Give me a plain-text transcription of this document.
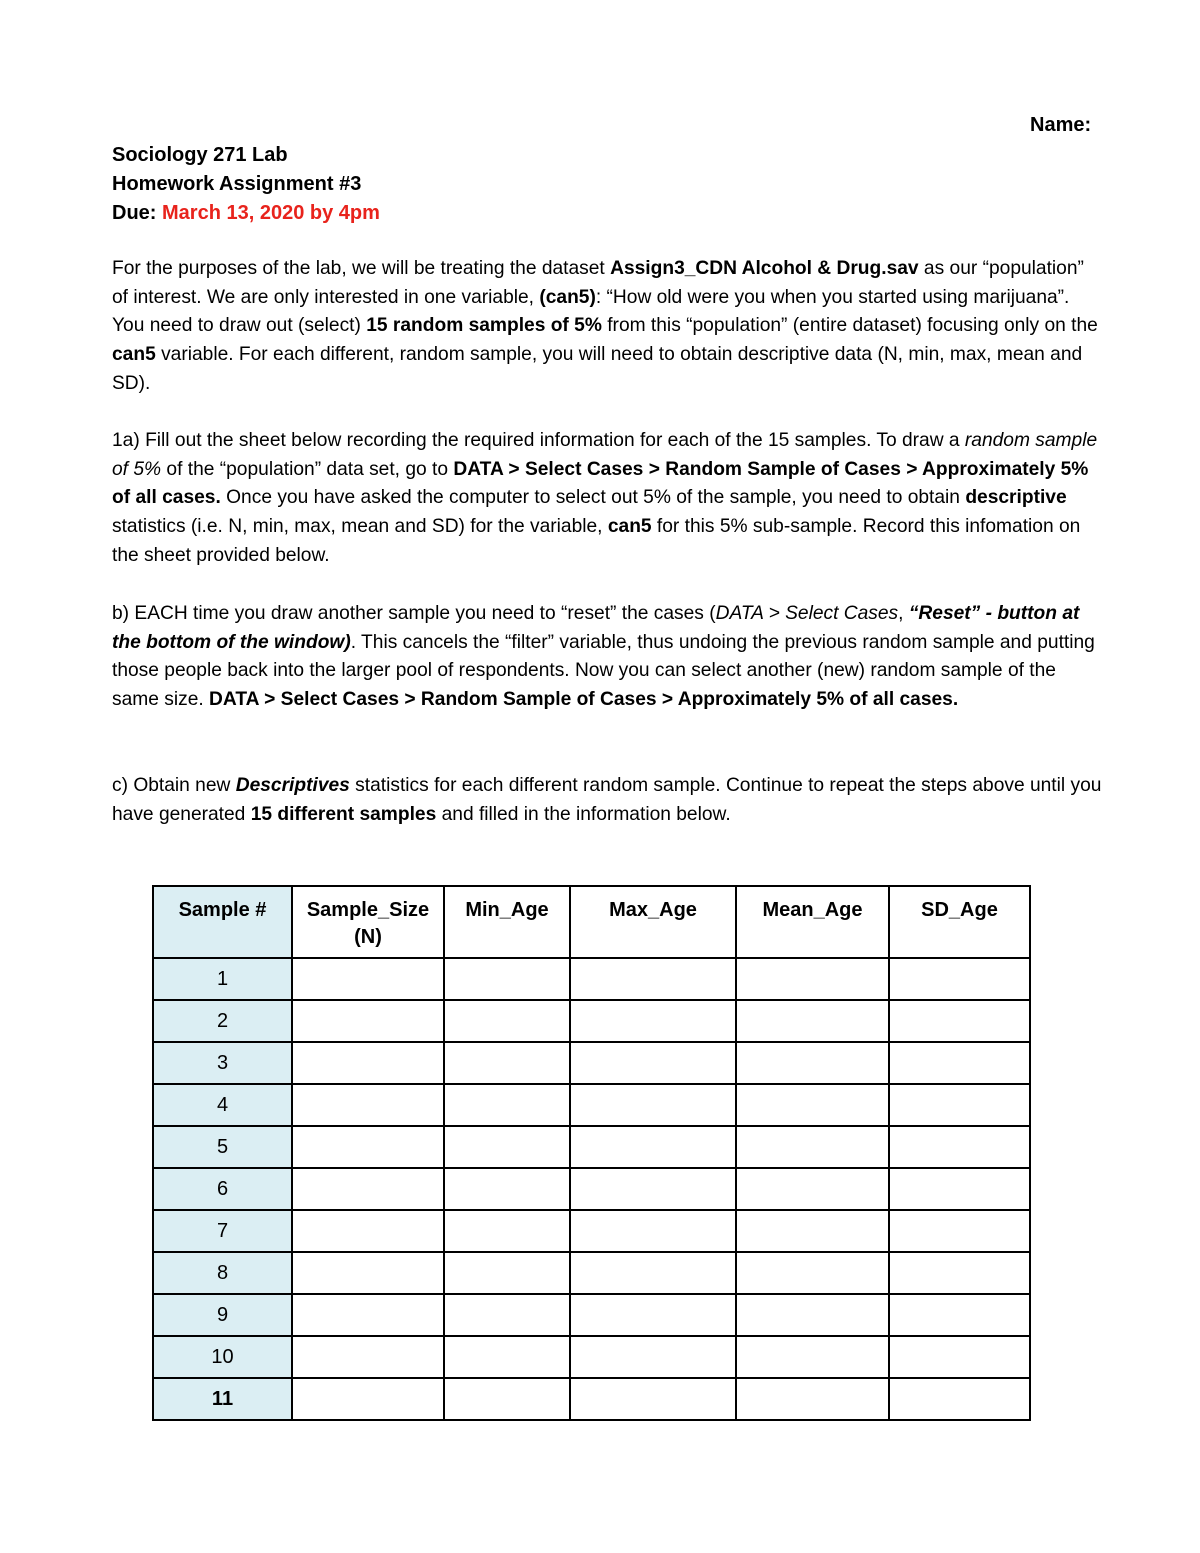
Name:
Sociology 271 Lab
Homework Assignment #3
Due: March 13, 2020 by 4pm
For the purposes of the lab, we will be treating the dataset Assign3_CDN Alcohol & Drug.sav as our “population” of interest. We are only interested in one variable, (can5): “How old were you when you started using marijuana”. You need to draw out (select) 15 random samples of 5% from this “population” (entire dataset) focusing only on the can5 variable. For each different, random sample, you will need to obtain descriptive data (N, min, max, mean and SD).
1a) Fill out the sheet below recording the required information for each of the 15 samples. To draw a random sample of 5% of the “population” data set, go to DATA > Select Cases > Random Sample of Cases > Approximately 5% of all cases. Once you have asked the computer to select out 5% of the sample, you need to obtain descriptive statistics (i.e. N, min, max, mean and SD) for the variable, can5 for this 5% sub-sample. Record this infomation on the sheet provided below.
b) EACH time you draw another sample you need to “reset” the cases (DATA > Select Cases, “Reset” - button at the bottom of the window). This cancels the “filter” variable, thus undoing the previous random sample and putting those people back into the larger pool of respondents. Now you can select another (new) random sample of the same size. DATA > Select Cases > Random Sample of Cases > Approximately 5% of all cases.
c) Obtain new Descriptives statistics for each different random sample. Continue to repeat the steps above until you have generated 15 different samples and filled in the information below.
Sample #	Sample_Size (N)	Min_Age	Max_Age	Mean_Age	SD_Age
1					
2					
3					
4					
5					
6					
7					
8					
9					
10					
11					
